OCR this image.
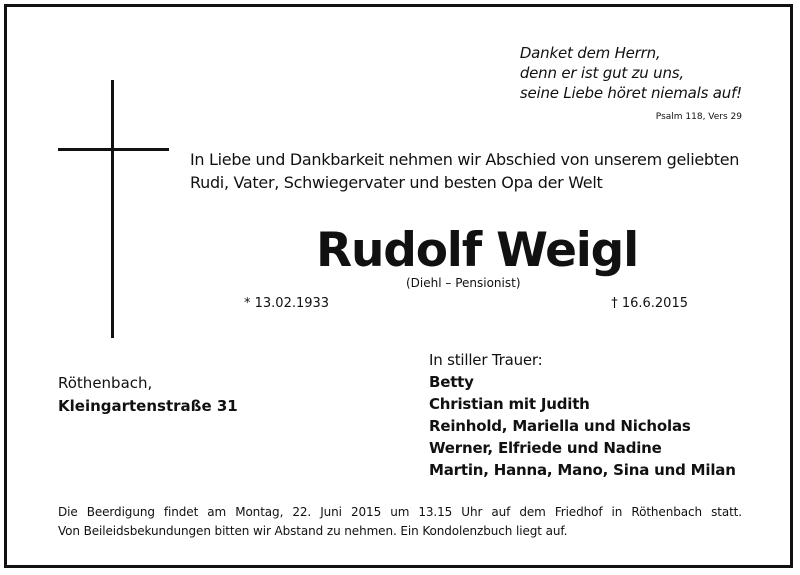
Danket dem Herrn,
denn er ist gut zu uns,
seine Liebe höret niemals auf!
Psalm 118, Vers 29
In Liebe und Dankbarkeit nehmen wir Abschied von unserem geliebten
Rudi, Vater, Schwiegervater und besten Opa der Welt
Rudolf Weigl
(Diehl – Pensionist)
* 13.02.1933	† 16.6.2015
Röthenbach,
Kleingartenstraße 31
In stiller Trauer:
Betty
Christian mit Judith
Reinhold, Mariella und Nicholas
Werner, Elfriede und Nadine
Martin, Hanna, Mano, Sina und Milan
Die Beerdigung findet am Montag, 22. Juni 2015 um 13.15 Uhr auf dem Friedhof in Röthenbach statt.
Von Beileidsbekundungen bitten wir Abstand zu nehmen. Ein Kondolenzbuch liegt auf.
